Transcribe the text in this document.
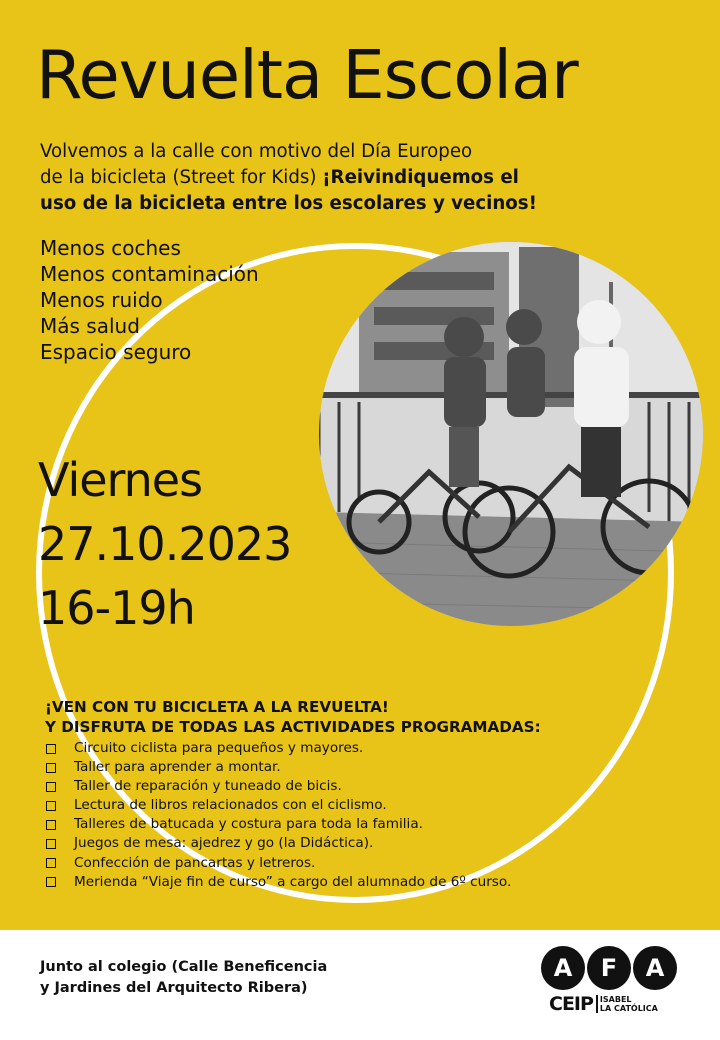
Revuelta Escolar
Volvemos a la calle con motivo del Día Europeo
de la bicicleta (Street for Kids) ¡Reivindiquemos el
uso de la bicicleta entre los escolares y vecinos!
Menos coches
Menos contaminación
Menos ruido
Más salud
Espacio seguro
Viernes
27.10.2023
16-19h
¡VEN CON TU BICICLETA A LA REVUELTA!
Y DISFRUTA DE TODAS LAS ACTIVIDADES PROGRAMADAS:
Circuito ciclista para pequeños y mayores.
Taller para aprender a montar.
Taller de reparación y tuneado de bicis.
Lectura de libros relacionados con el ciclismo.
Talleres de batucada y costura para toda la familia.
Juegos de mesa: ajedrez y go (la Didáctica).
Confección de pancartas y letreros.
Merienda “Viaje fin de curso” a cargo del alumnado de 6º curso.
Junto al colegio (Calle Beneficencia
y Jardines del Arquitecto Ribera)
A	F	A
CEIP ISABEL
LA CATÓLICA
